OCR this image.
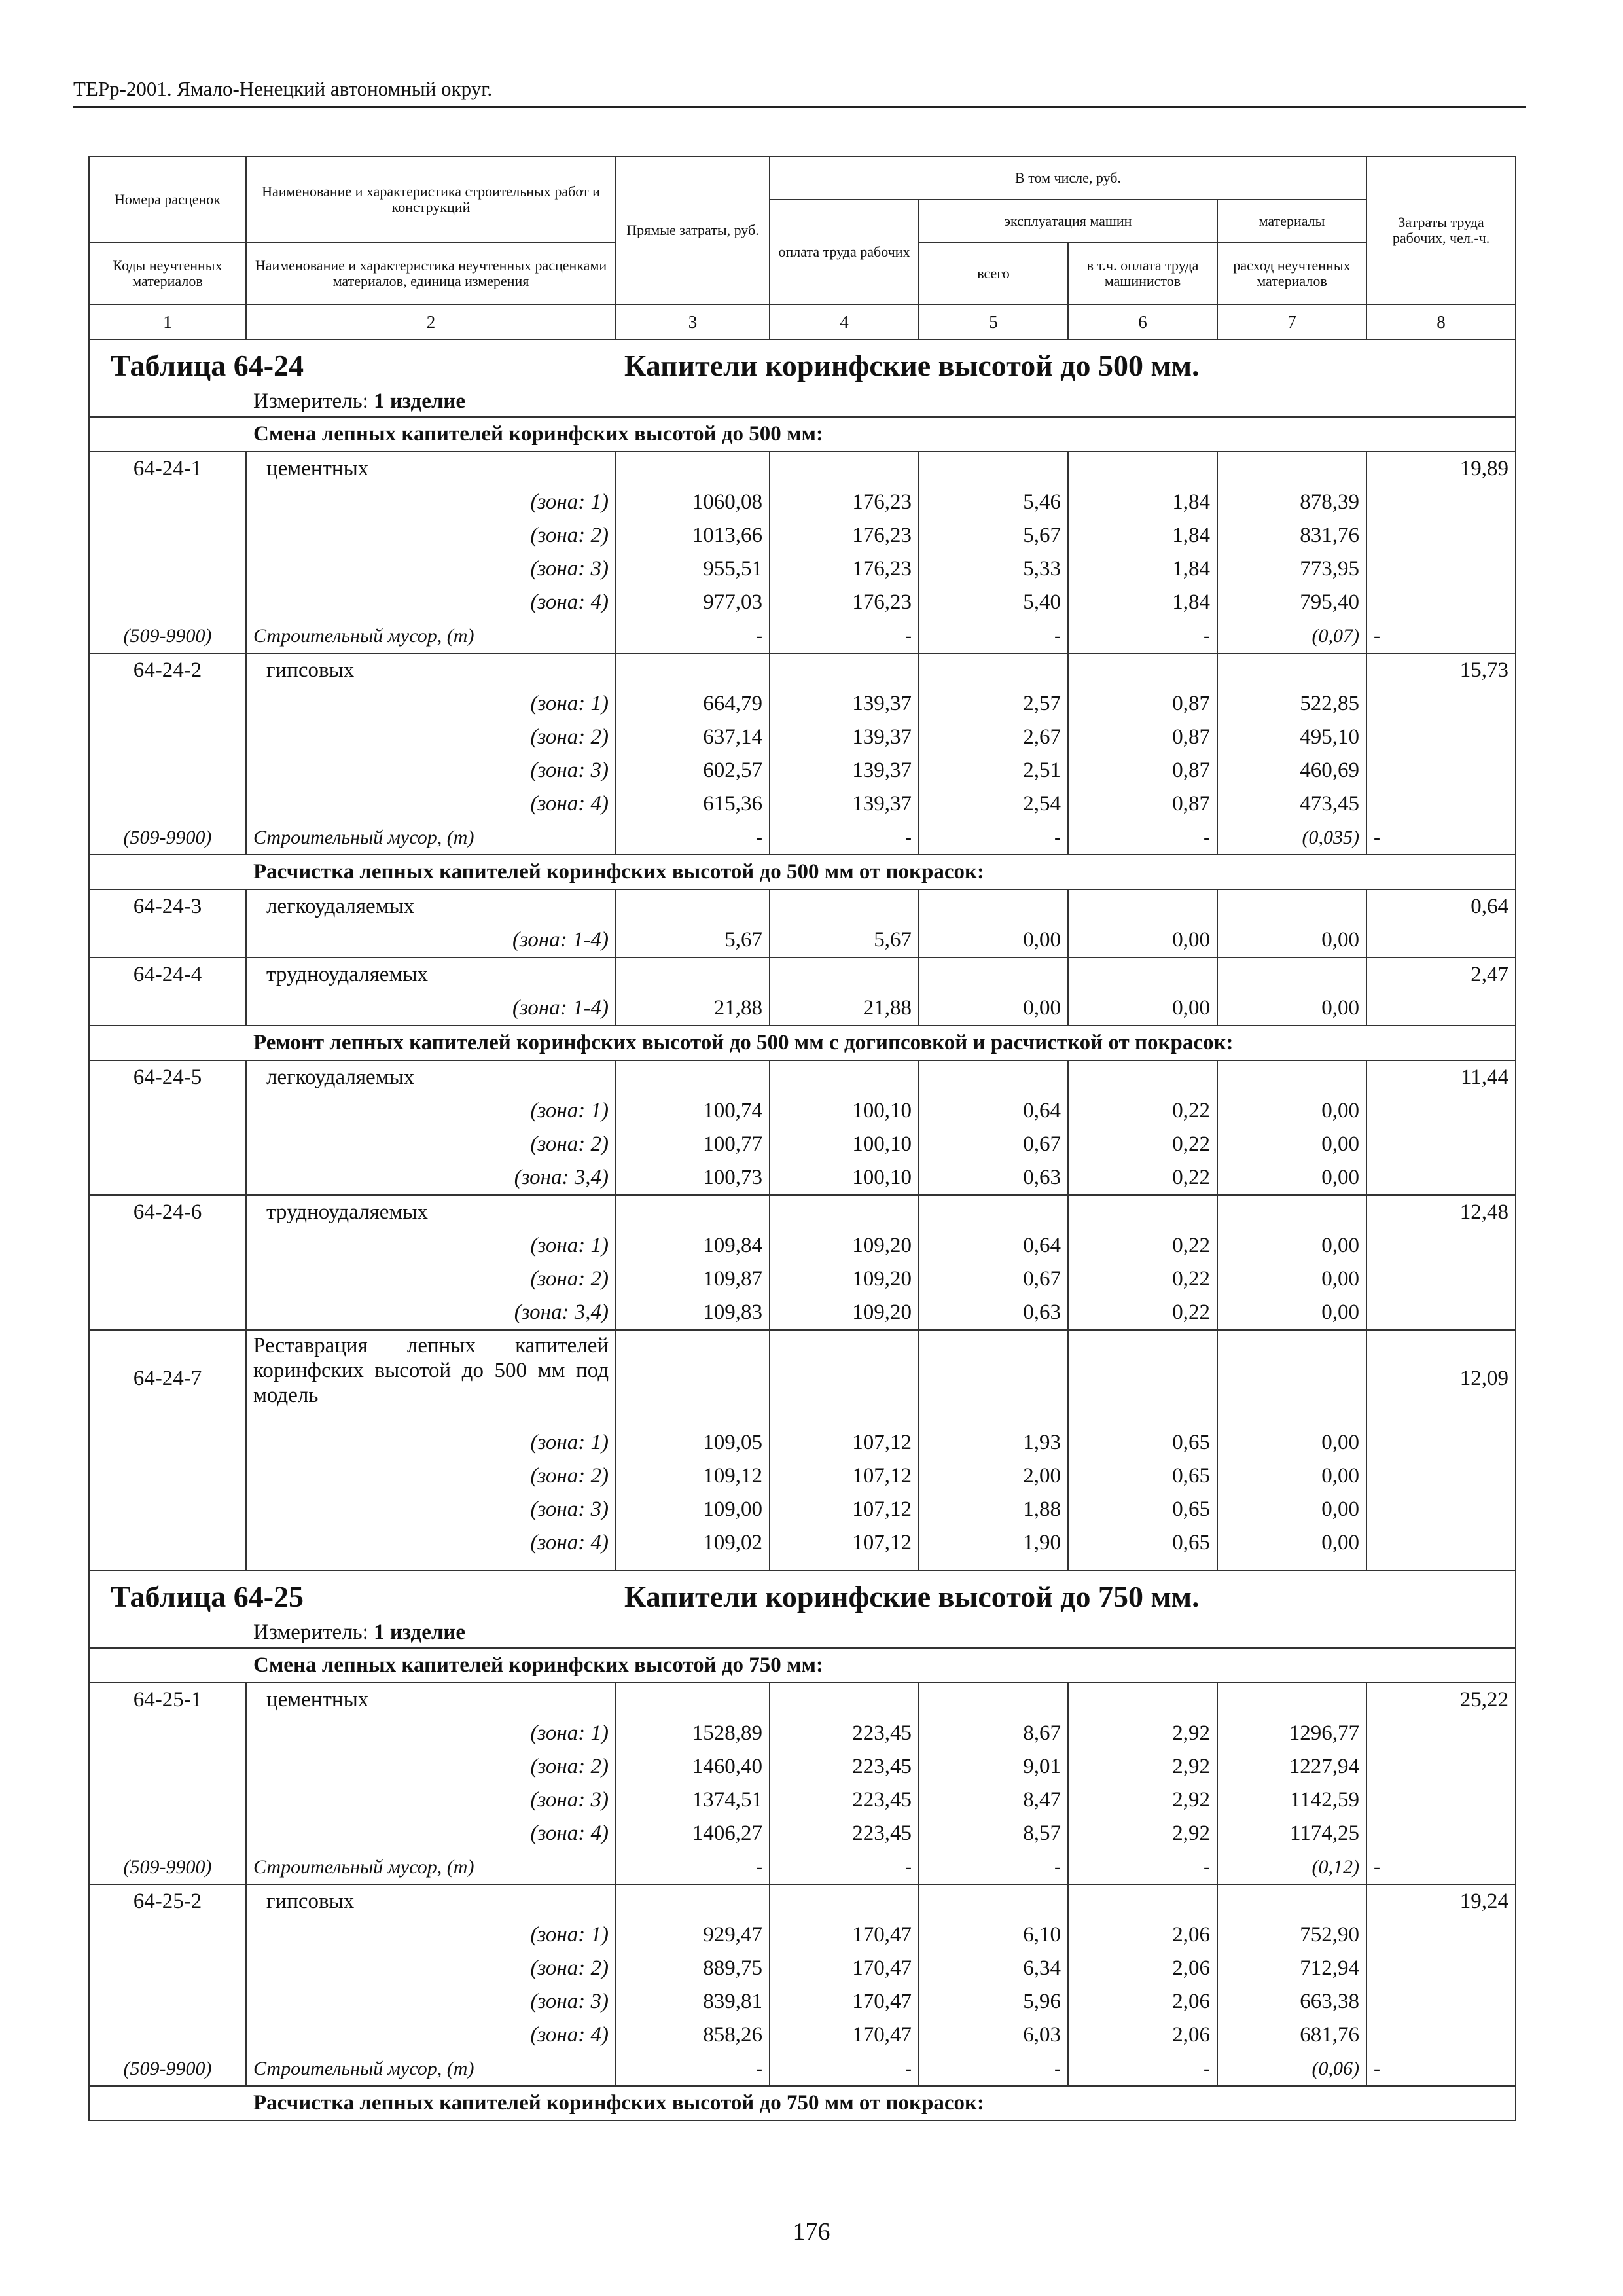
ТЕРр-2001. Ямало-Ненецкий автономный округ.
Номера расценок	Наименование и характеристика строительных работ и конструкций	Прямые затраты, руб.	В том числе, руб.				Затраты труда рабочих, чел.-ч.
			оплата труда рабочих	эксплуатация машин		материалы	
Коды неучтенных материалов	Наименование и характеристика неучтенных расценками материалов, единица измерения			всего	в т.ч. оплата труда машинистов	расход неучтенных материалов	
1	2	3	4	5	6	7	8
Таблица 64-24 Капители коринфские высотой до 500 мм.							
Измеритель: 1 изделие							
Смена лепных капителей коринфских высотой до 500 мм:							
64-24-1	цементных						19,89
	(зона: 1)	1060,08	176,23	5,46	1,84	878,39	
	(зона: 2)	1013,66	176,23	5,67	1,84	831,76	
	(зона: 3)	955,51	176,23	5,33	1,84	773,95	
	(зона: 4)	977,03	176,23	5,40	1,84	795,40	
(509-9900)	Строительный мусор, (т)	-	-	-	-	(0,07)	-
64-24-2	гипсовых						15,73
	(зона: 1)	664,79	139,37	2,57	0,87	522,85	
	(зона: 2)	637,14	139,37	2,67	0,87	495,10	
	(зона: 3)	602,57	139,37	2,51	0,87	460,69	
	(зона: 4)	615,36	139,37	2,54	0,87	473,45	
(509-9900)	Строительный мусор, (т)	-	-	-	-	(0,035)	-
Расчистка лепных капителей коринфских высотой до 500 мм от покрасок:							
64-24-3	легкоудаляемых						0,64
	(зона: 1-4)	5,67	5,67	0,00	0,00	0,00	
64-24-4	трудноудаляемых						2,47
	(зона: 1-4)	21,88	21,88	0,00	0,00	0,00	
Ремонт лепных капителей коринфских высотой до 500 мм с догипсовкой и расчисткой от покрасок:							
64-24-5	легкоудаляемых						11,44
	(зона: 1)	100,74	100,10	0,64	0,22	0,00	
	(зона: 2)	100,77	100,10	0,67	0,22	0,00	
	(зона: 3,4)	100,73	100,10	0,63	0,22	0,00	
64-24-6	трудноудаляемых						12,48
	(зона: 1)	109,84	109,20	0,64	0,22	0,00	
	(зона: 2)	109,87	109,20	0,67	0,22	0,00	
	(зона: 3,4)	109,83	109,20	0,63	0,22	0,00	
64-24-7	Реставрация лепных капителей коринфских высотой до 500 мм под модель						12,09
	(зона: 1)	109,05	107,12	1,93	0,65	0,00	
	(зона: 2)	109,12	107,12	2,00	0,65	0,00	
	(зона: 3)	109,00	107,12	1,88	0,65	0,00	
	(зона: 4)	109,02	107,12	1,90	0,65	0,00	

Таблица 64-25 Капители коринфские высотой до 750 мм.							
Измеритель: 1 изделие							
Смена лепных капителей коринфских высотой до 750 мм:							
64-25-1	цементных						25,22
	(зона: 1)	1528,89	223,45	8,67	2,92	1296,77	
	(зона: 2)	1460,40	223,45	9,01	2,92	1227,94	
	(зона: 3)	1374,51	223,45	8,47	2,92	1142,59	
	(зона: 4)	1406,27	223,45	8,57	2,92	1174,25	
(509-9900)	Строительный мусор, (т)	-	-	-	-	(0,12)	-
64-25-2	гипсовых						19,24
	(зона: 1)	929,47	170,47	6,10	2,06	752,90	
	(зона: 2)	889,75	170,47	6,34	2,06	712,94	
	(зона: 3)	839,81	170,47	5,96	2,06	663,38	
	(зона: 4)	858,26	170,47	6,03	2,06	681,76	
(509-9900)	Строительный мусор, (т)	-	-	-	-	(0,06)	-
Расчистка лепных капителей коринфских высотой до 750 мм от покрасок:							
176
